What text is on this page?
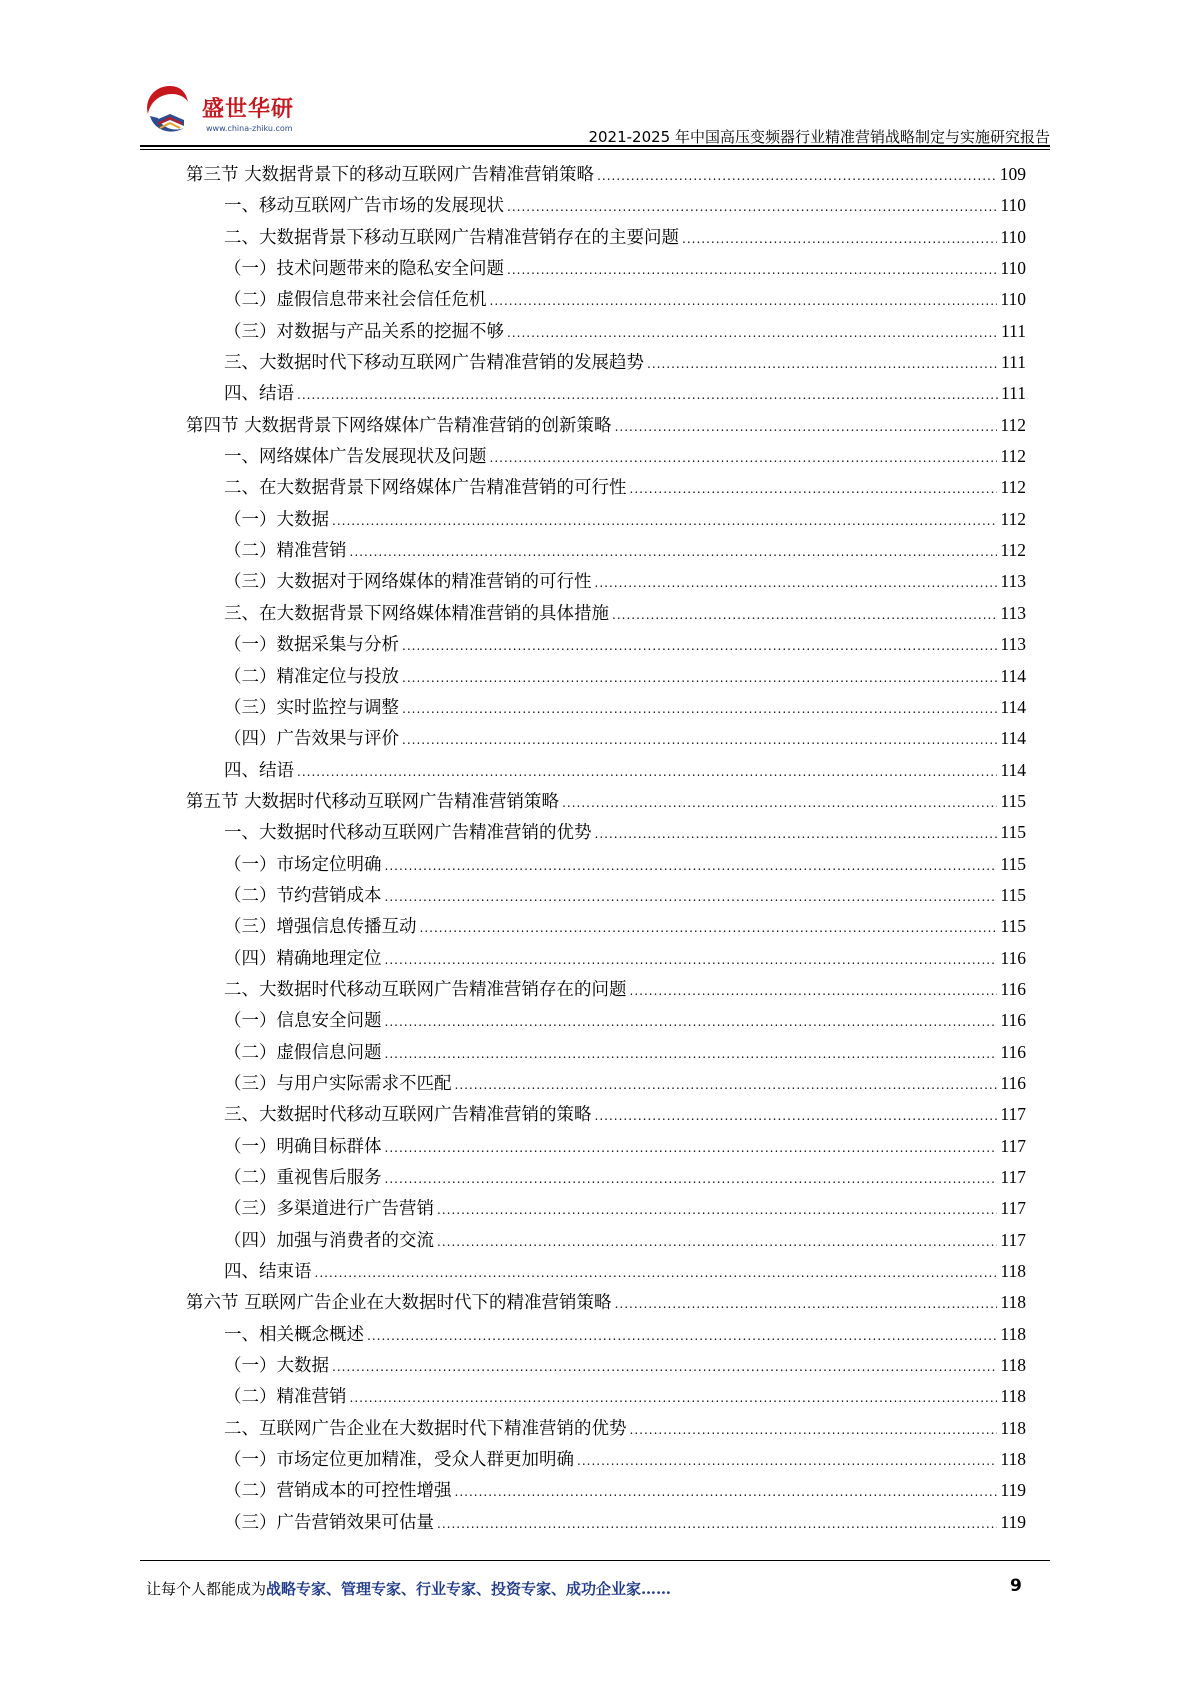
盛世华研
www.china-zhiku.com	2021-2025 年中国高压变频器行业精准营销战略制定与实施研究报告
第三节 大数据背景下的移动互联网广告精准营销策略 .....	109
一、移动互联网广告市场的发展现状 .....	110
二、大数据背景下移动互联网广告精准营销存在的主要问题 .....	110
（一）技术问题带来的隐私安全问题 .....	110
（二）虚假信息带来社会信任危机 .....	110
（三）对数据与产品关系的挖掘不够 .....	111
三、大数据时代下移动互联网广告精准营销的发展趋势 .....	111
四、结语 .....	111
第四节 大数据背景下网络媒体广告精准营销的创新策略 .....	112
一、网络媒体广告发展现状及问题 .....	112
二、在大数据背景下网络媒体广告精准营销的可行性 .....	112
（一）大数据 .....	112
（二）精准营销 .....	112
（三）大数据对于网络媒体的精准营销的可行性 .....	113
三、在大数据背景下网络媒体精准营销的具体措施 .....	113
（一）数据采集与分析 .....	113
（二）精准定位与投放 .....	114
（三）实时监控与调整 .....	114
（四）广告效果与评价 .....	114
四、结语 .....	114
第五节 大数据时代移动互联网广告精准营销策略 .....	115
一、大数据时代移动互联网广告精准营销的优势 .....	115
（一）市场定位明确 .....	115
（二）节约营销成本 .....	115
（三）增强信息传播互动 .....	115
（四）精确地理定位 .....	116
二、大数据时代移动互联网广告精准营销存在的问题 .....	116
（一）信息安全问题 .....	116
（二）虚假信息问题 .....	116
（三）与用户实际需求不匹配 .....	116
三、大数据时代移动互联网广告精准营销的策略 .....	117
（一）明确目标群体 .....	117
（二）重视售后服务 .....	117
（三）多渠道进行广告营销 .....	117
（四）加强与消费者的交流 .....	117
四、结束语 .....	118
第六节 互联网广告企业在大数据时代下的精准营销策略 .....	118
一、相关概念概述 .....	118
（一）大数据 .....	118
（二）精准营销 .....	118
二、互联网广告企业在大数据时代下精准营销的优势 .....	118
（一）市场定位更加精准，受众人群更加明确 .....	118
（二）营销成本的可控性增强 .....	119
（三）广告营销效果可估量 .....	119
让每个人都能成为战略专家、管理专家、行业专家、投资专家、成功企业家……	9
